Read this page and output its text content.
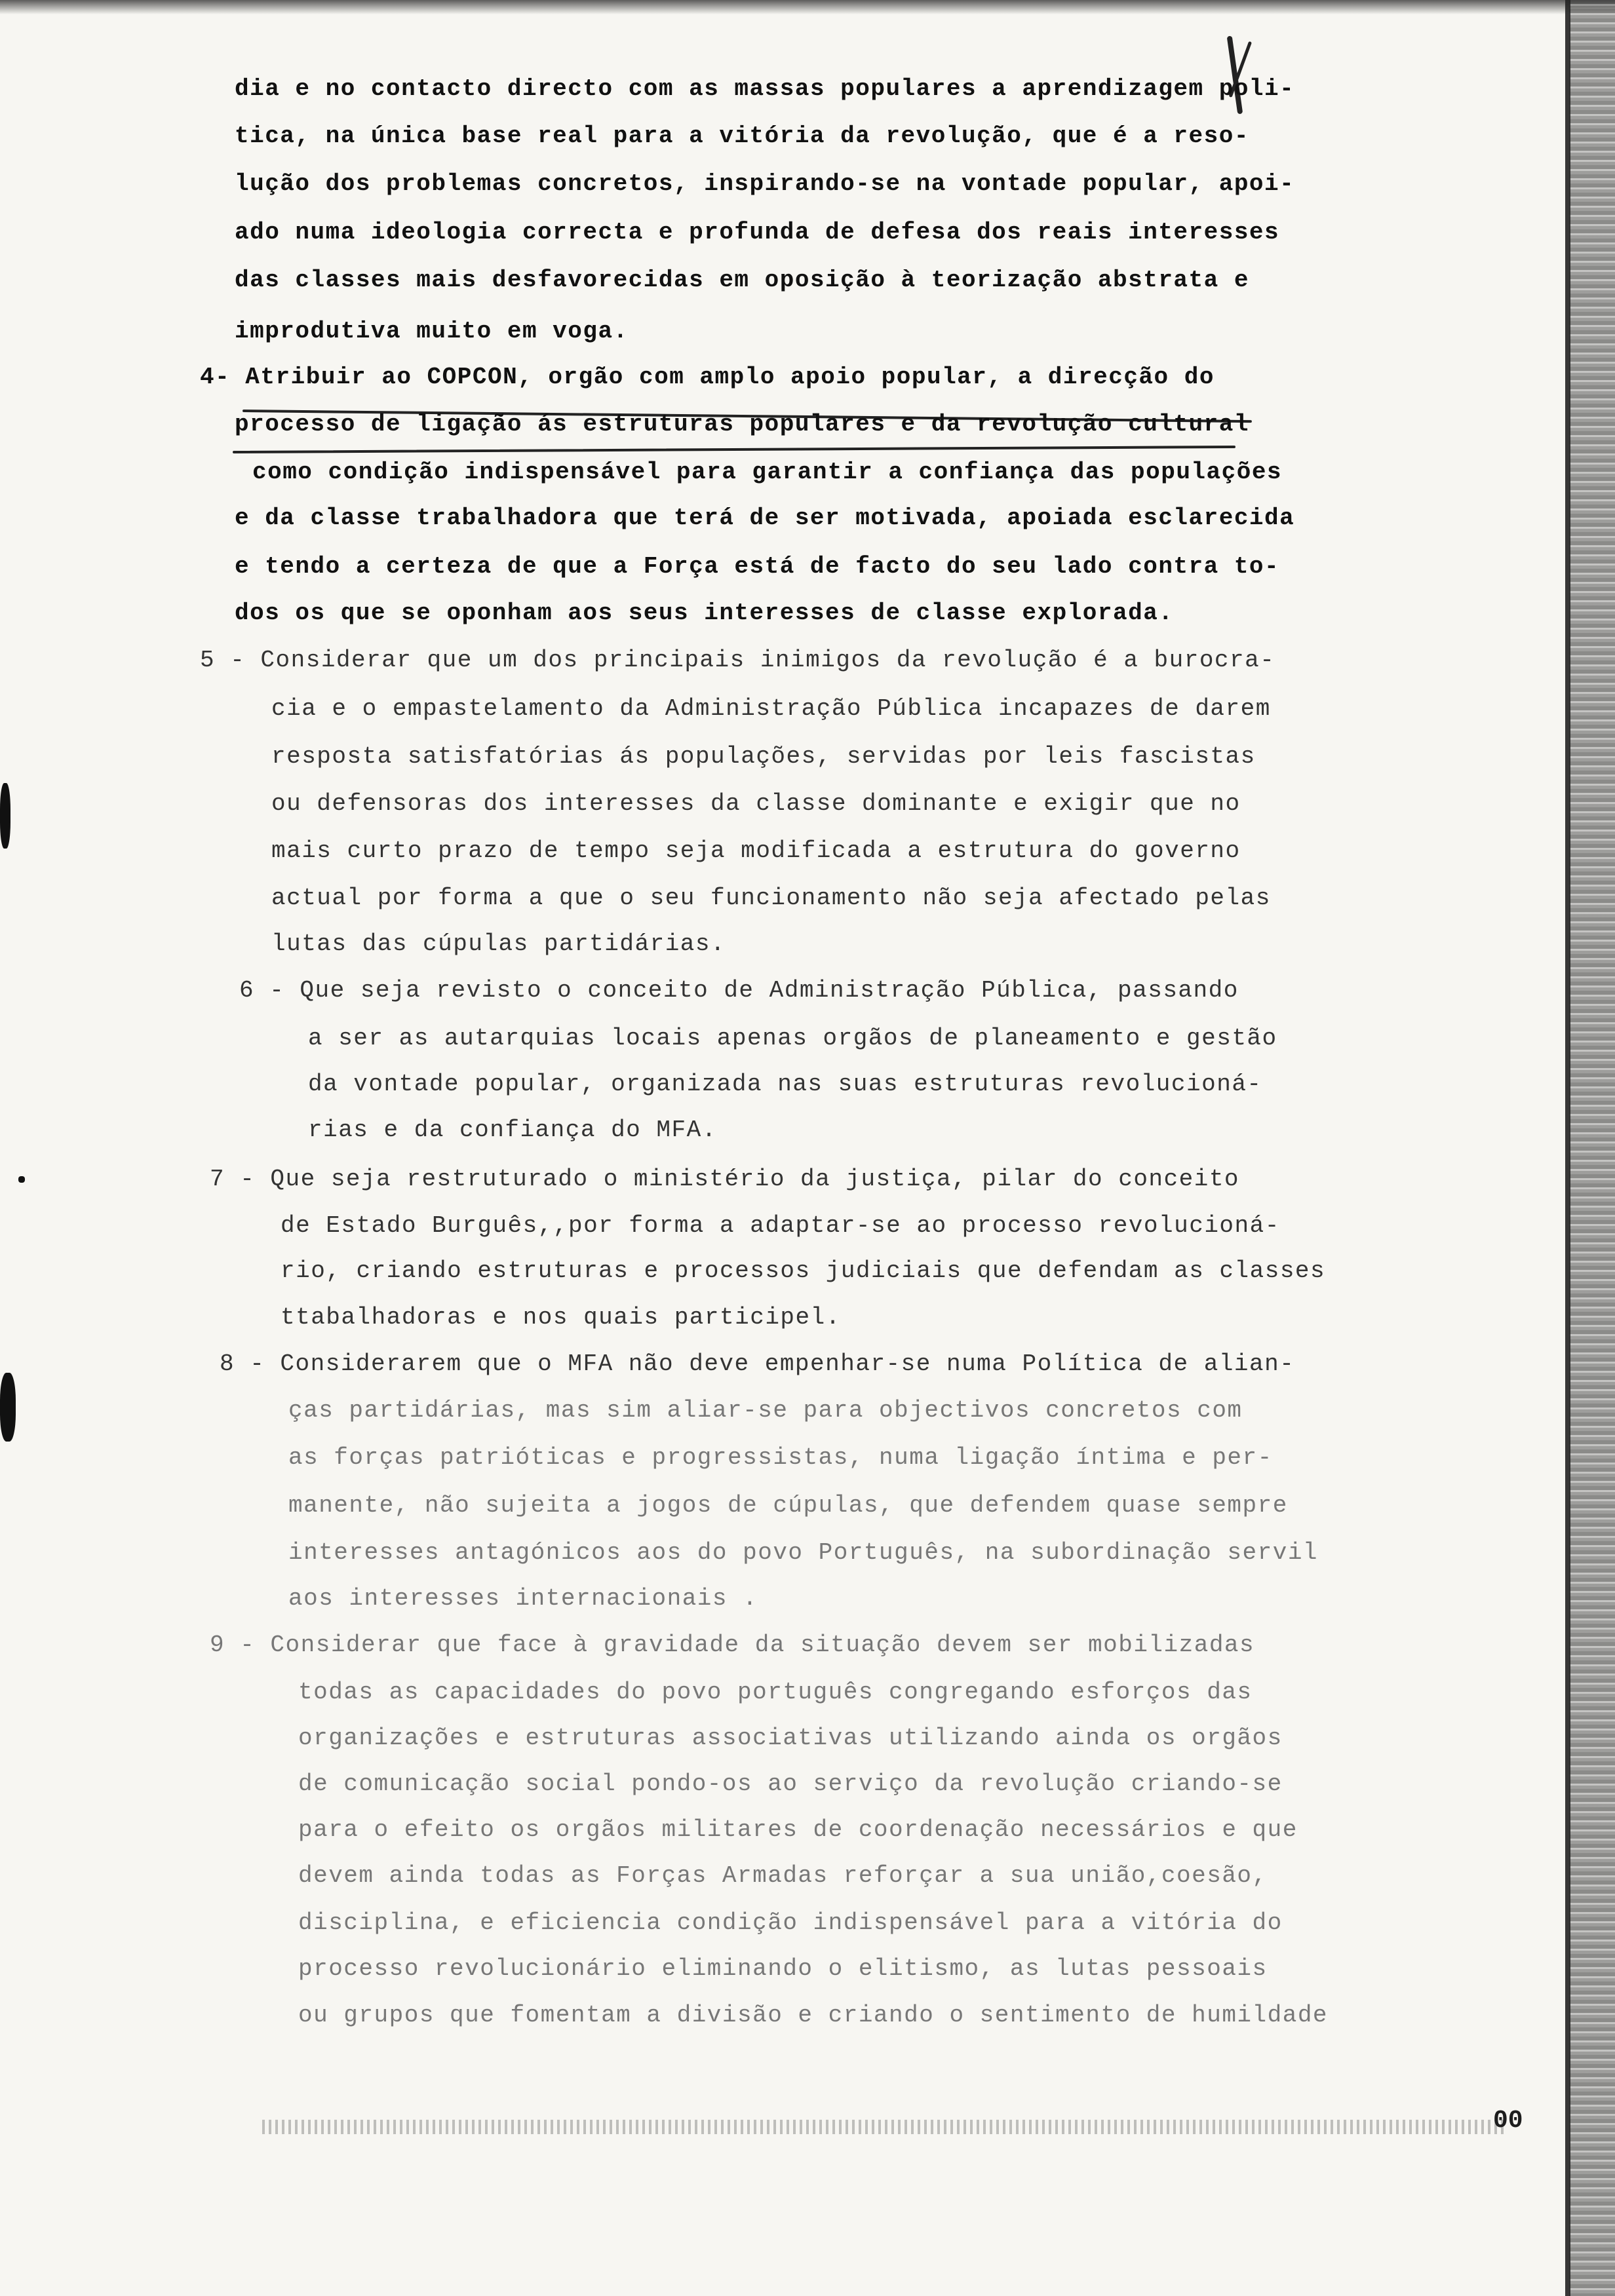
dia e no contacto directo com as massas populares a aprendizagem poli-
tica, na única base real para a vitória da revolução, que é a reso-
lução dos problemas concretos, inspirando-se na vontade popular, apoi-
ado numa ideologia correcta e profunda de defesa dos reais interesses
das classes mais desfavorecidas em oposição à teorização abstrata e
improdutiva muito em voga.
4- Atribuir ao COPCON, orgão com amplo apoio popular, a direcção do
processo de ligação ás estruturas populares e da revolução cultural
como condição indispensável para garantir a confiança das populações
e da classe trabalhadora que terá de ser motivada, apoiada esclarecida
e tendo a certeza de que a Força está de facto do seu lado contra to-
dos os que se oponham aos seus interesses de classe explorada.
5 - Considerar que um dos principais inimigos da revolução é a burocra-
cia e o empastelamento da Administração Pública incapazes de darem
resposta satisfatórias ás populações, servidas por leis fascistas
ou defensoras dos interesses da classe dominante e exigir que no
mais curto prazo de tempo seja modificada a estrutura do governo
actual por forma a que o seu funcionamento não seja afectado pelas
lutas das cúpulas partidárias.
6 - Que seja revisto o conceito de Administração Pública, passando
a ser as autarquias locais apenas orgãos de planeamento e gestão
da vontade popular, organizada nas suas estruturas revolucioná-
rias e da confiança do MFA.
7 - Que seja restruturado o ministério da justiça, pilar do conceito
de Estado Burguês,,por forma a adaptar-se ao processo revolucioná-
rio, criando estruturas e processos judiciais que defendam as classes
ttabalhadoras e nos quais participel.
8 - Considerarem que o MFA não deve empenhar-se numa Política de alian-
ças partidárias, mas sim aliar-se para objectivos concretos com
as forças patrióticas e progressistas, numa ligação íntima e per-
manente, não sujeita a jogos de cúpulas, que defendem quase sempre
interesses antagónicos aos do povo Português, na subordinação servil
aos interesses internacionais .
9 - Considerar que face à gravidade da situação devem ser mobilizadas
todas as capacidades do povo português congregando esforços das
organizações e estruturas associativas utilizando ainda os orgãos
de comunicação social pondo-os ao serviço da revolução criando-se
para o efeito os orgãos militares de coordenação necessários e que
devem ainda todas as Forças Armadas reforçar a sua união,coesão,
disciplina, e eficiencia condição indispensável para a vitória do
processo revolucionário eliminando o elitismo, as lutas pessoais
ou grupos que fomentam a divisão e criando o sentimento de humildade
00
